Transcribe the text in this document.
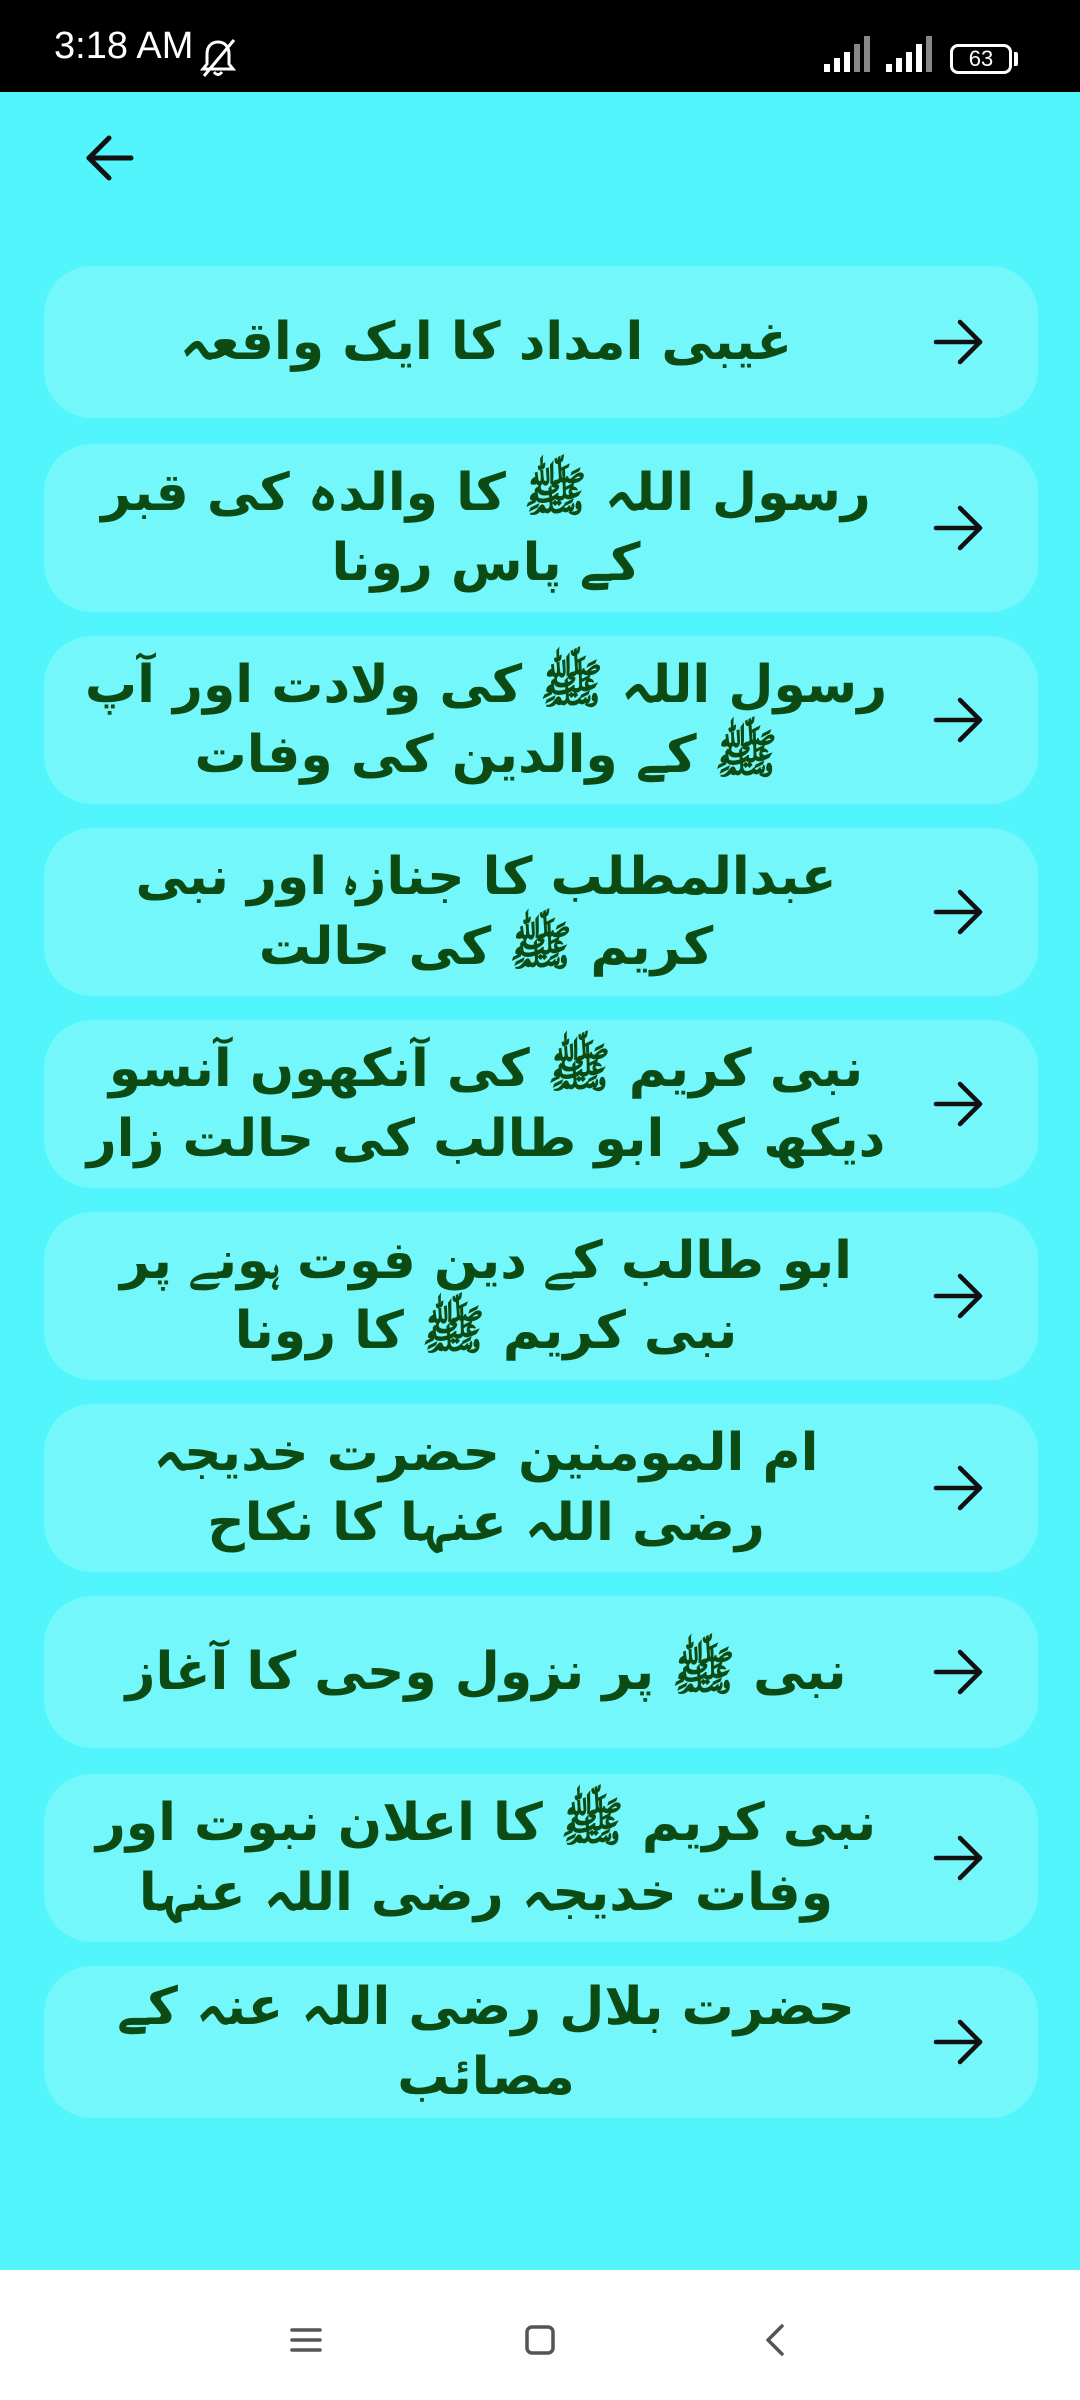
3:18 AM	63
غیبی امداد کا ایک واقعہ
رسول اللہ ﷺ کا والدہ کی قبر کے پاس رونا
رسول اللہ ﷺ کی ولادت اور آپ ﷺ کے والدین کی وفات
عبدالمطلب کا جنازہ اور نبی کریم ﷺ کی حالت
نبی کریم ﷺ کی آنکھوں آنسو دیکھ کر ابو طالب کی حالت زار
ابو طالب کے دین فوت ہونے پر نبی کریم ﷺ کا رونا
ام المومنین حضرت خدیجہ رضی اللہ عنہا کا نکاح
نبی ﷺ پر نزول وحی کا آغاز
نبی کریم ﷺ کا اعلان نبوت اور وفات خدیجہ رضی اللہ عنہا
حضرت بلال رضی اللہ عنہ کے مصائب
